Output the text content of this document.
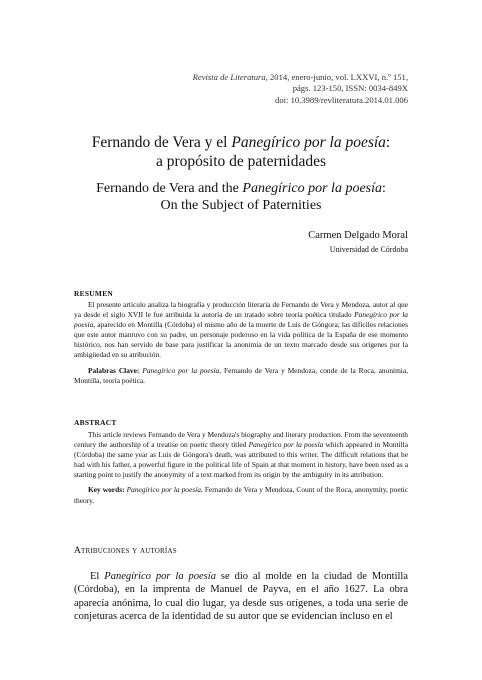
Revista de Literatura, 2014, enero-junio, vol. LXXVI, n.º 151,
págs. 123-150, ISSN: 0034-849X
doi: 10.3989/revliteratura.2014.01.006
Fernando de Vera y el Panegírico por la poesía:
a propósito de paternidades
Fernando de Vera and the Panegírico por la poesía:
On the Subject of Paternities
Carmen Delgado Moral
Universidad de Córdoba
RESUMEN

El presente artículo analiza la biografía y producción literaria de Fernando de Vera y Mendoza, autor al que ya desde el siglo XVII le fue atribuida la autoría de un tratado sobre teoría poética titulado Panegírico por la poesía, aparecido en Montilla (Córdoba) el mismo año de la muerte de Luis de Góngora; las difíciles relaciones que este autor mantuvo con su padre, un personaje poderoso en la vida política de la España de ese momento histórico, nos han servido de base para justificar la anonimia de un texto marcado desde sus orígenes por la ambigüedad en su atribución.

Palabras Clave: Panegírico por la poesía, Fernando de Vera y Mendoza, conde de la Roca, anonimia, Montilla, teoría poética.

ABSTRACT

This article reviews Fernando de Vera y Mendoza's biography and literary production. From the seventeenth century the authorship of a treatise on poetic theory titled Panegírico por la poesía which appeared in Montilla (Córdoba) the same year as Luis de Góngora's death, was attributed to this writer. The difficult relations that he had with his father, a powerful figure in the political life of Spain at that moment in history, have been used as a starting point to justify the anonymity of a text marked from its origin by the ambiguity in its attribution.

Key words: Panegírico por la poesía, Fernando de Vera y Mendoza, Count of the Roca, anonymity, poetic theory.

Atribuciones y autorías

El Panegírico por la poesía se dio al molde en la ciudad de Montilla (Córdoba), en la imprenta de Manuel de Payva, en el año 1627. La obra aparecía anónima, lo cual dio lugar, ya desde sus orígenes, a toda una serie de conjeturas acerca de la identidad de su autor que se evidencian incluso en el
